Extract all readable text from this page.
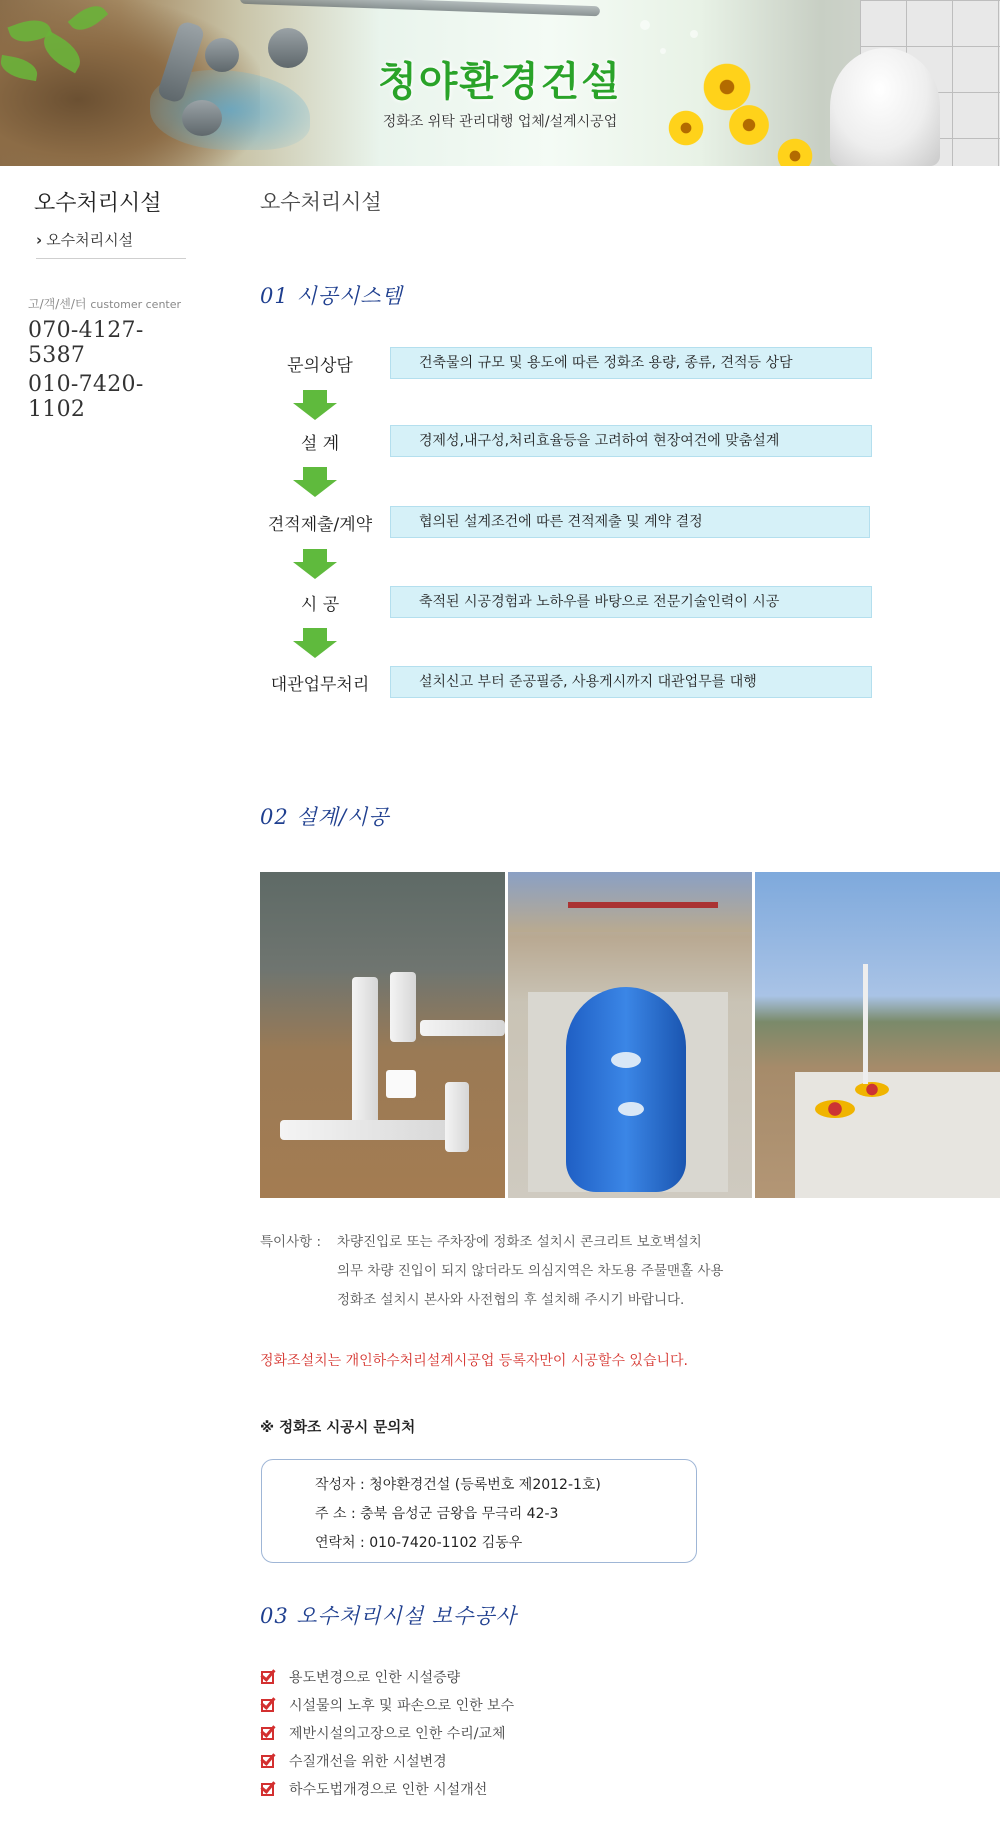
청야환경건설
정화조 위탁 관리대행 업체/설계시공업
오수처리시설
› 오수처리시설
고/객/센/터 customer center
070-4127-5387
010-7420-1102
오수처리시설
01 시공시스템
문의상담	건축물의 규모 및 용도에 따른 정화조 용량, 종류, 견적등 상담
설 계	경제성,내구성,처리효율등을 고려하여 현장여건에 맞춤설계
견적제출/계약	협의된 설계조건에 따른 견적제출 및 계약 결정
시 공	축적된 시공경험과 노하우를 바탕으로 전문기술인력이 시공
대관업무처리	설치신고 부터 준공필증, 사용게시까지 대관업무를 대행
02 설계/시공
특이사항 :	차량진입로 또는 주차장에 정화조 설치시 콘크리트 보호벽설치
의무 차량 진입이 되지 않더라도 의심지역은 차도용 주물맨홀 사용
정화조 설치시 본사와 사전협의 후 설치해 주시기 바랍니다.
정화조설치는 개인하수처리설계시공업 등록자만이 시공할수 있습니다.
※ 정화조 시공시 문의처
작성자 : 청야환경건설 (등록번호 제2012-1호)
주 소 : 충북 음성군 금왕읍 무극리 42-3
연락처 : 010-7420-1102 김동우
03 오수처리시설 보수공사
용도변경으로 인한 시설증량
시설물의 노후 및 파손으로 인한 보수
제반시설의고장으로 인한 수리/교체
수질개선을 위한 시설변경
하수도법개경으로 인한 시설개선
